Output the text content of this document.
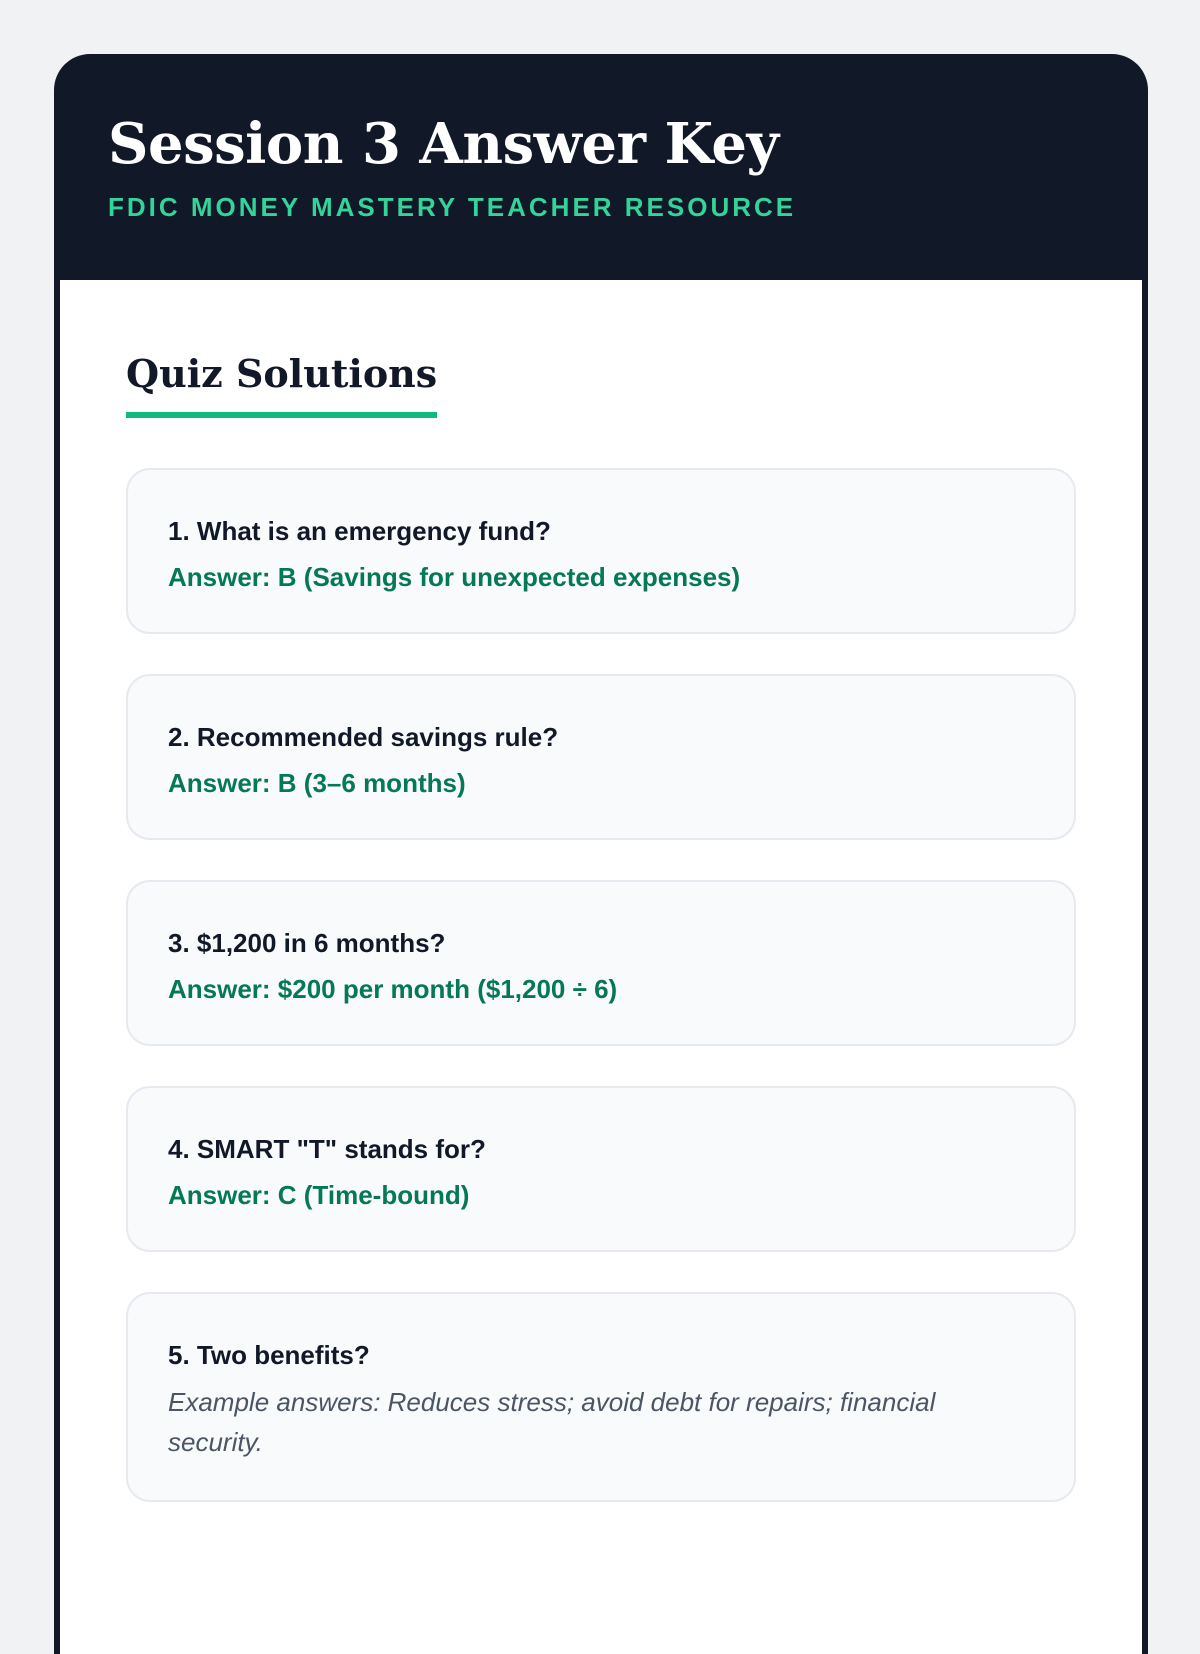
Session 3 Answer Key
FDIC MONEY MASTERY TEACHER RESOURCE
Quiz Solutions
1. What is an emergency fund?
Answer: B (Savings for unexpected expenses)
2. Recommended savings rule?
Answer: B (3–6 months)
3. $1,200 in 6 months?
Answer: $200 per month ($1,200 ÷ 6)
4. SMART "T" stands for?
Answer: C (Time-bound)
5. Two benefits?
Example answers: Reduces stress; avoid debt for repairs; financial security.
